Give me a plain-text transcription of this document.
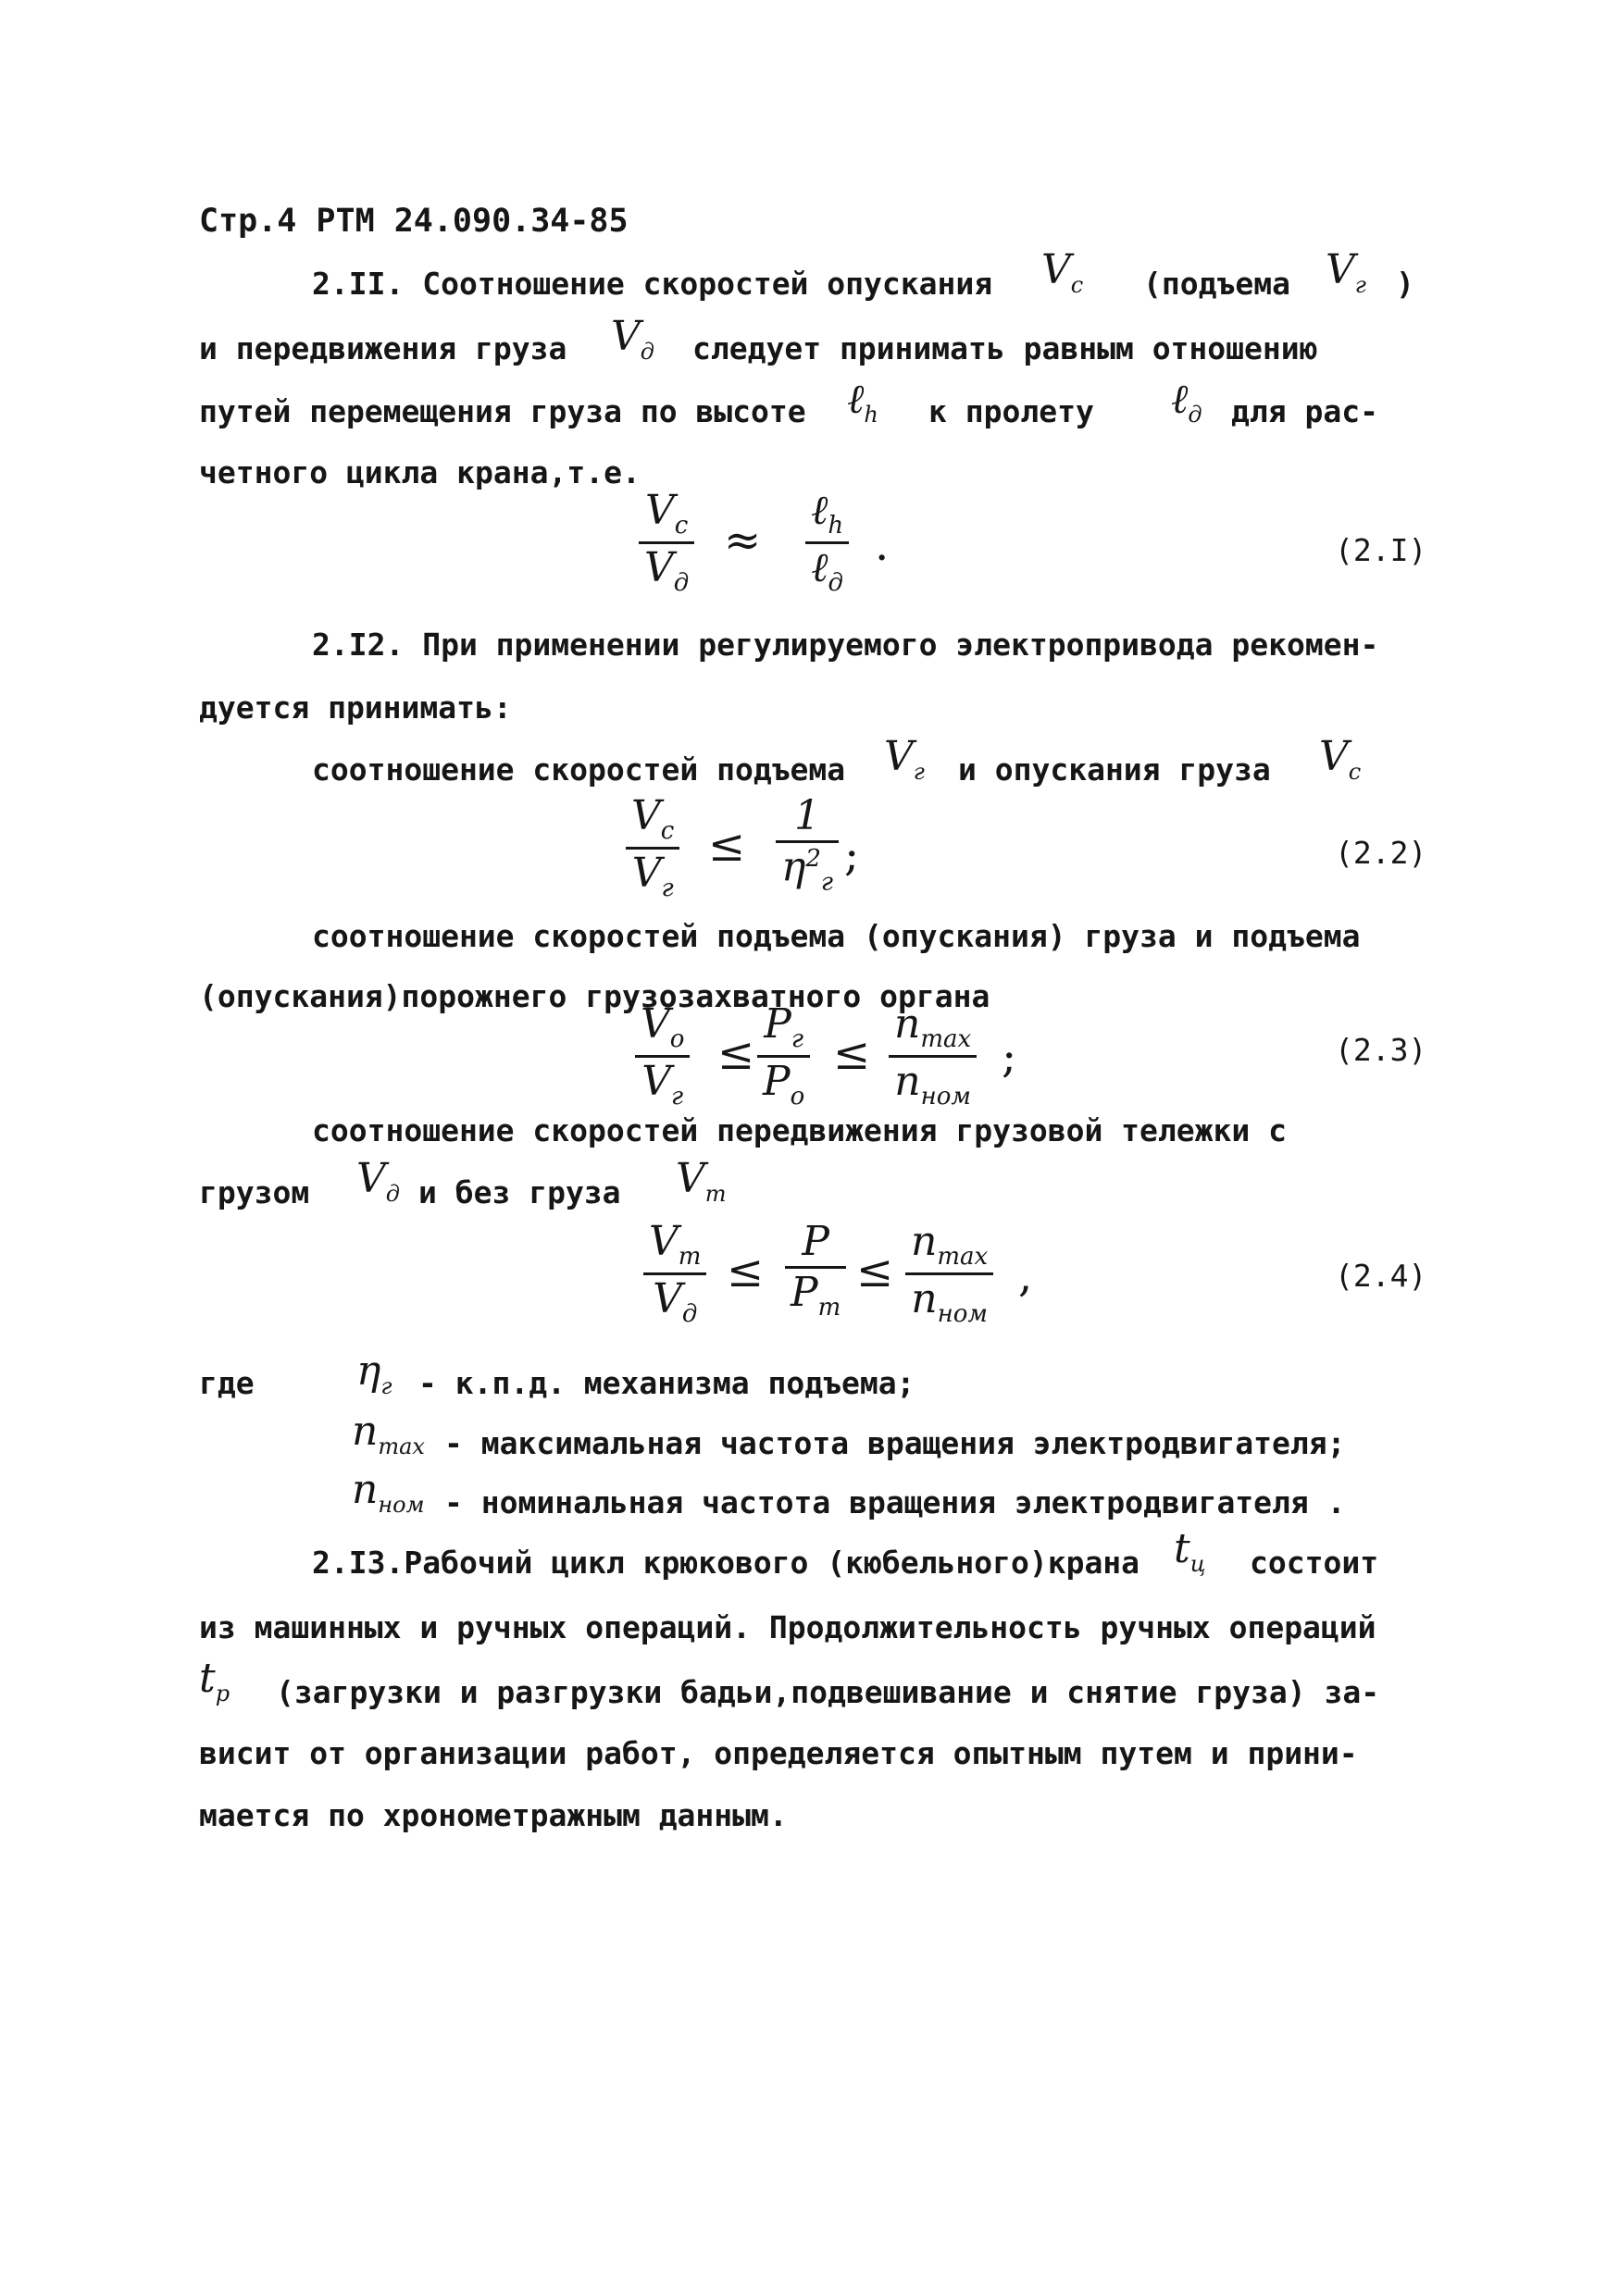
Стр.4 РТМ 24.090.34-85
2.II. Соотношение скоростей опускания $V_c$ (подъема $V_г$ )
и передвижения груза $V_д$ следует принимать равным отношению
путей перемещения груза по высоте ℓ$_h$ к пролету ℓ$_д$ для рас-
четного цикла крана,т.е.
$V_c$
$V_д$
≈
ℓ$_h$
ℓ$_д$
.	(2.I)
2.I2. При применении регулируемого электропривода рекомен-
дуется принимать:
соотношение скоростей подъема $V_г$ и опускания груза $V_c$
$V_c$
$V_г$
≤
1
$\eta^2_г$
;	(2.2)
соотношение скоростей подъема (опускания) груза и подъема
(опускания)порожнего грузозахватного органа
$V_o$
$V_г$
≤
$P_г$
$P_o$
≤
$n_{max}$
$n_{ном}$
;	(2.3)
соотношение скоростей передвижения грузовой тележки с
грузом $V_д$ и без груза $V_т$
$V_т$
$V_д$
≤
P
$P_т$
≤
$n_{max}$
$n_{ном}$
,	(2.4)
где	$\eta_г - к.п.д$. механизма подъема;
$n_{max}$ - максимальная частота вращения электродвигателя;
$n_{ном}$ - номинальная частота вращения электродвигателя .
2.I3.Рабочий цикл крюкового (кюбельного)крана $t_ц$ состоит
из машинных и ручных операций. Продолжительность ручных операций
$t_р$ (загрузки и разгрузки бадьи,подвешивание и снятие груза) за-
висит от организации работ, определяется опытным путем и прини-
мается по хронометражным данным.
